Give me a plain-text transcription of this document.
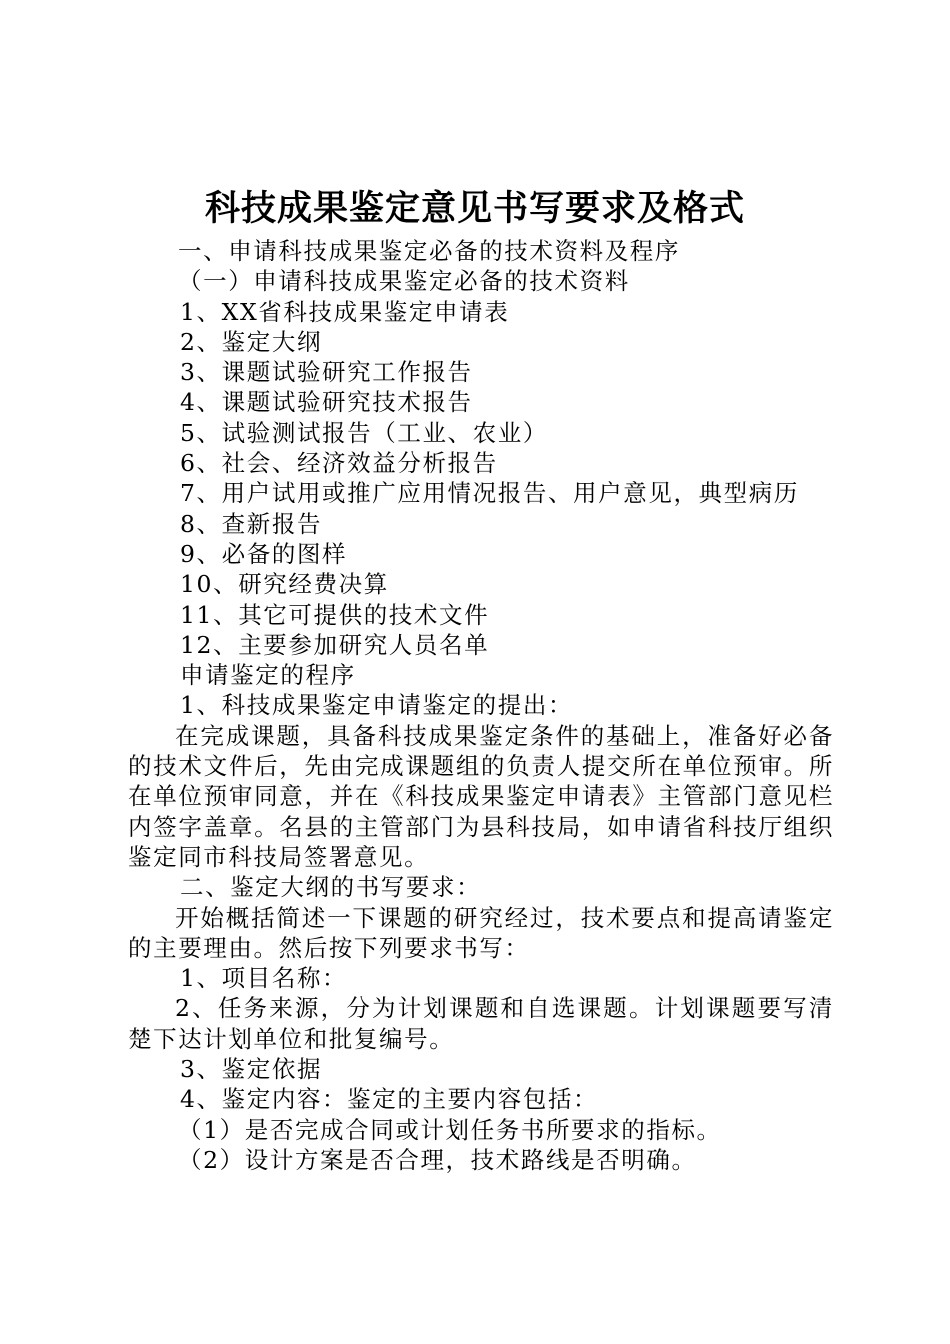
科技成果鉴定意见书写要求及格式

一、申请科技成果鉴定必备的技术资料及程序

（一）申请科技成果鉴定必备的技术资料

1、XX省科技成果鉴定申请表

2、鉴定大纲

3、课题试验研究工作报告

4、课题试验研究技术报告

5、试验测试报告（工业、农业）

6、社会、经济效益分析报告

7、用户试用或推广应用情况报告、用户意见，典型病历

8、查新报告

9、必备的图样

10、研究经费决算

11、其它可提供的技术文件

12、主要参加研究人员名单

申请鉴定的程序

1、科技成果鉴定申请鉴定的提出：

在完成课题，具备科技成果鉴定条件的基础上，准备好必备的技术文件后，先由完成课题组的负责人提交所在单位预审。所在单位预审同意，并在《科技成果鉴定申请表》主管部门意见栏内签字盖章。名县的主管部门为县科技局，如申请省科技厅组织鉴定同市科技局签署意见。

二、鉴定大纲的书写要求：

开始概括简述一下课题的研究经过，技术要点和提高请鉴定的主要理由。然后按下列要求书写：

1、项目名称：

2、任务来源，分为计划课题和自选课题。计划课题要写清楚下达计划单位和批复编号。

3、鉴定依据

4、鉴定内容：鉴定的主要内容包括：

（1）是否完成合同或计划任务书所要求的指标。

（2）设计方案是否合理，技术路线是否明确。
